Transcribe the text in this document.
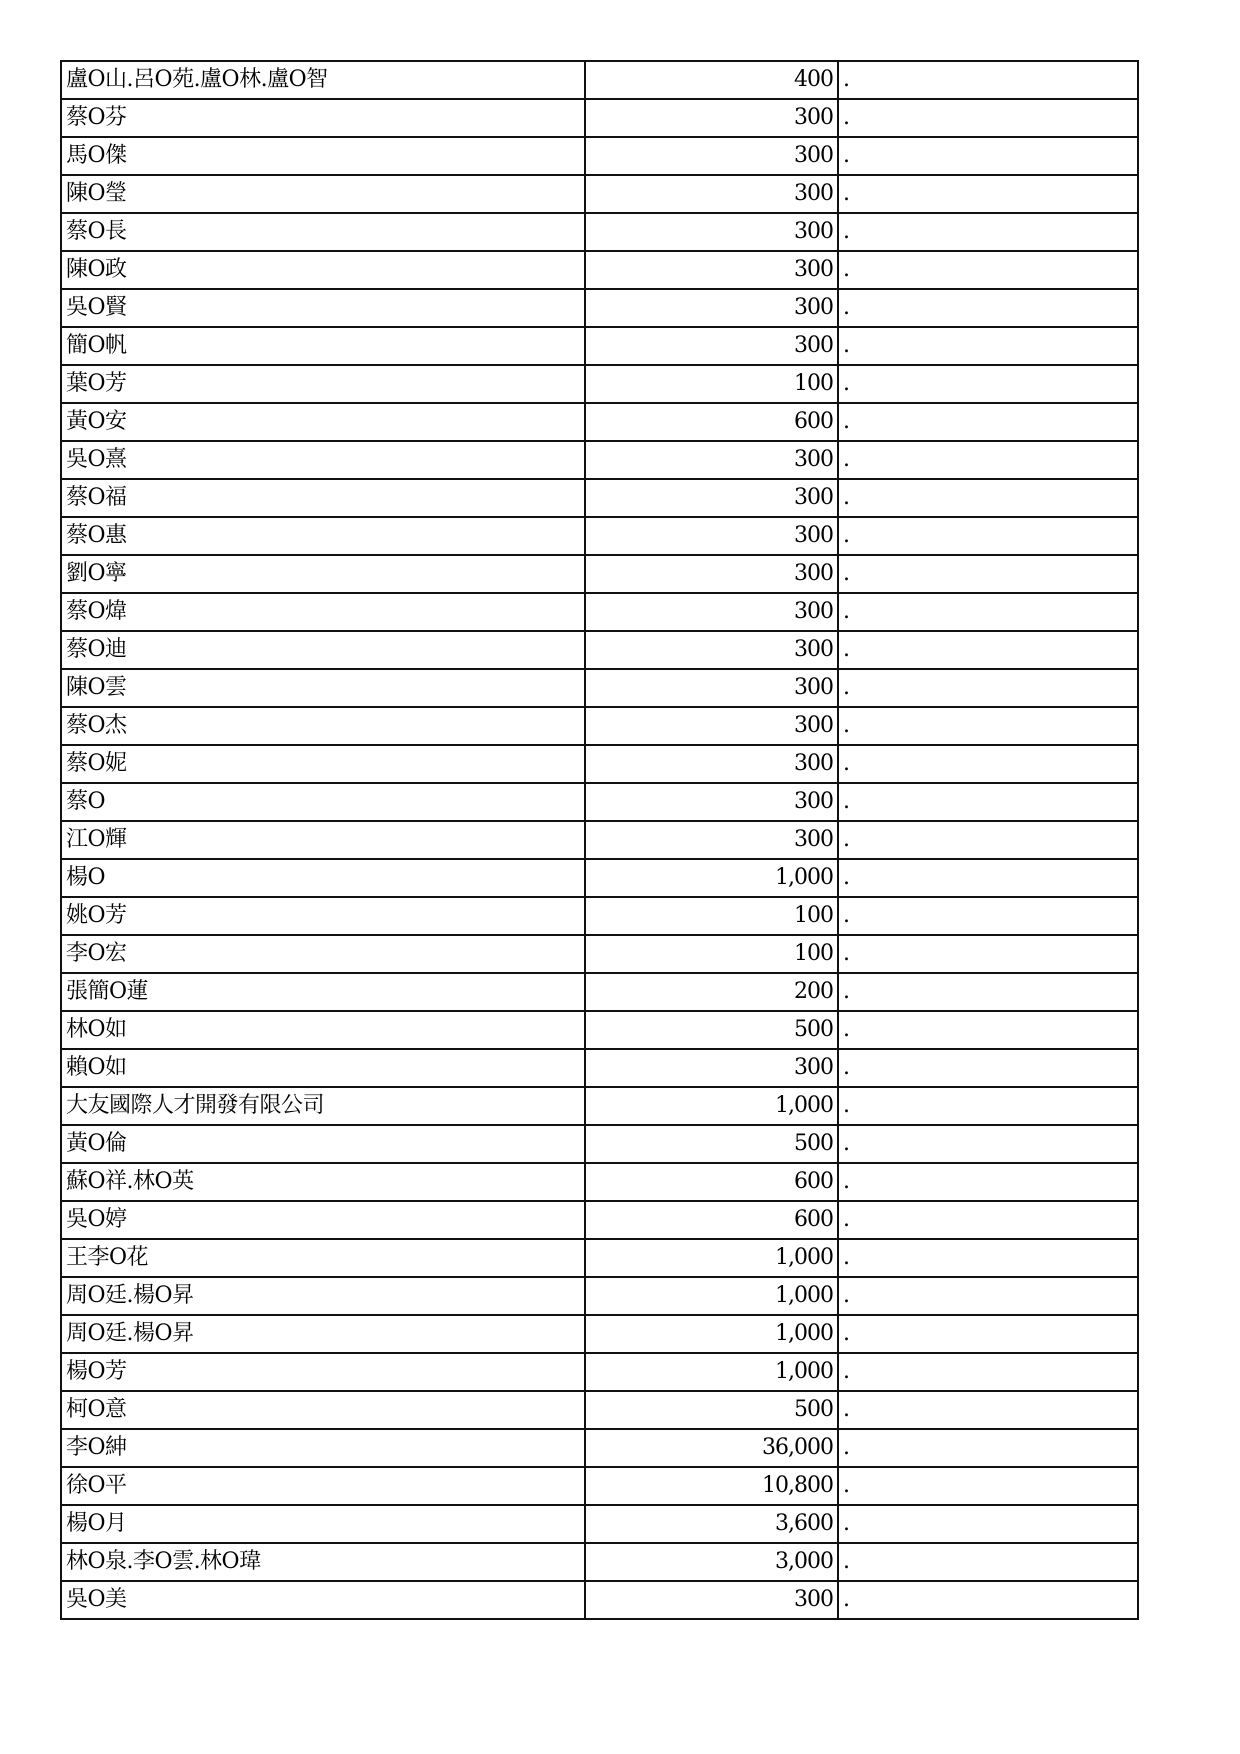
盧O山.呂O苑.盧O林.盧O智	400	.
蔡O芬	300	.
馬O傑	300	.
陳O瑩	300	.
蔡O長	300	.
陳O政	300	.
吳O賢	300	.
簡O帆	300	.
葉O芳	100	.
黃O安	600	.
吳O熹	300	.
蔡O福	300	.
蔡O惠	300	.
劉O寧	300	.
蔡O煒	300	.
蔡O迪	300	.
陳O雲	300	.
蔡O杰	300	.
蔡O妮	300	.
蔡O	300	.
江O輝	300	.
楊O	1,000	.
姚O芳	100	.
李O宏	100	.
張簡O蓮	200	.
林O如	500	.
賴O如	300	.
大友國際人才開發有限公司	1,000	.
黃O倫	500	.
蘇O祥.林O英	600	.
吳O婷	600	.
王李O花	1,000	.
周O廷.楊O昇	1,000	.
周O廷.楊O昇	1,000	.
楊O芳	1,000	.
柯O意	500	.
李O紳	36,000	.
徐O平	10,800	.
楊O月	3,600	.
林O泉.李O雲.林O瑋	3,000	.
吳O美	300	.
